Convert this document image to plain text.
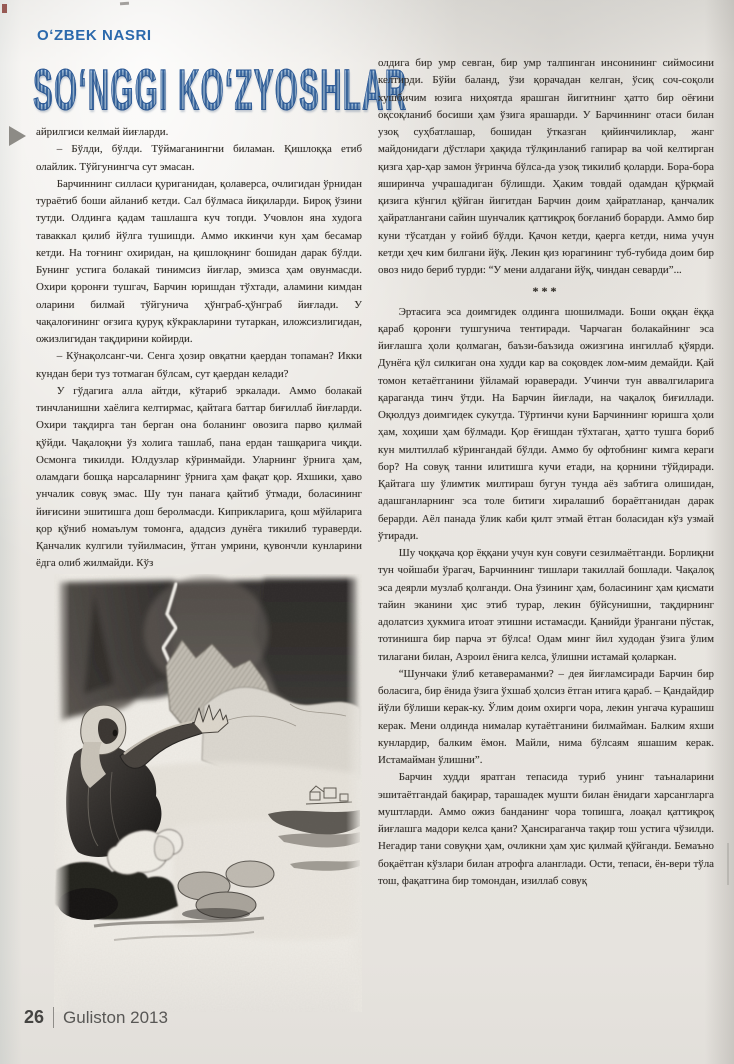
OʻZBEK NASRI
SOʻNGGI KOʻZYOSHLAR

айрилгиси келмай йиғларди.

– Бўлди, бўлди. Тўймаганингни биламан. Қишлоққа етиб олайлик. Тўйгунингча сут эмасан.

Барчиннинг силласи қуриганидан, қолаверса, очлигидан ўрнидан тураётиб боши айланиб кетди. Сал бўлмаса йиқиларди. Бироқ ўзини тутди. Олдинга қадам ташлашга куч топди. Учовлон яна худога таваккал қилиб йўлга тушишди. Аммо иккинчи кун ҳам бесамар кетди. На тоғнинг охиридан, на қишлоқнинг бошидан дарак бўлди. Бунинг устига болакай тинимсиз йиғлар, эмизса ҳам овунмасди. Охири қоронғи тушгач, Барчин юришдан тўхтади, аламини кимдан оларини билмай тўйгунича ҳўнграб-ҳўнграб йиғлади. У чақалоғининг оғзига қуруқ кўкракларини тутаркан, иложсизлигидан, ожизлигидан тақдирини койирди.

– Кўнақолсанг-чи. Сенга ҳозир овқатни қаердан топаман? Икки кундан бери туз тотмаган бўлсам, сут қаердан келади?

У гўдагига алла айтди, кўтариб эркалади. Аммо болакай тинчланишни хаёлига келтирмас, қайтага баттар биғиллаб йиғларди. Охири тақдирга тан берган она боланинг овозига парво қилмай қўйди. Чақалоқни ўз холига ташлаб, пана ердан ташқарига чиқди. Осмонга тикилди. Юлдузлар кўринмайди. Уларнинг ўрнига ҳам, оламдаги бошқа нарсаларнинг ўрнига ҳам фақат қор. Яхшики, ҳаво унчалик совуқ эмас. Шу тун панага қайтиб ўтмади, боласининг йиғисини эшитишга дош беролмасди. Киприкларига, қош мўйларига қор қўниб номаълум томонга, ададсиз дунёга тикилиб тураверди. Қанчалик кулгили туйилмасин, ўтган умрини, қувончли кунларини ёдга олиб жилмайди. Кўз

олдига бир умр севган, бир умр талпинган инсонининг сиймосини келтирди. Бўйи баланд, ўзи қорачадан келган, ўсиқ соч-соқоли хушбичим юзига ниҳоятда ярашган йигитнинг ҳатто бир оёғини оқсоқланиб босиши ҳам ўзига ярашарди. У Барчиннинг отаси билан узоқ суҳбатлашар, бошидан ўтказган қийинчиликлар, жанг майдонидаги дўстлари ҳақида тўлқинланиб гапирар ва чой келтирган қизга ҳар-ҳар замон ўғринча бўлса-да узоқ тикилиб қоларди. Бора-бора яширинча учрашадиган бўлишди. Ҳаким товдай одамдан қўрқмай қизига кўнгил қўйган йигитдан Барчин доим ҳайратланар, қанчалик ҳайратлангани сайин шунчалик қаттиқроқ боғланиб борарди. Аммо бир куни тўсатдан у ғойиб бўлди. Қачон кетди, қаерга кетди, нима учун кетди ҳеч ким билгани йўқ. Лекин қиз юрагининг туб-тубида доим бир овоз нидо бериб турди: “У мени алдагани йўқ, чиндан севарди”...

***

Эртасига эса доимгидек олдинга шошилмади. Боши оққан ёққа қараб қоронғи тушгунича тентиради. Чарчаган болакайнинг эса йиғлашга ҳоли қолмаган, баъзи-баъзида ожизгина ингиллаб қўярди. Дунёга қўл силкиган она худди кар ва соқовдек лом-мим демайди. Қай томон кетаётганини ўйламай юраверади. Учинчи тун аввалгиларига қараганда тинч ўтди. На Барчин йиғлади, на чақалоқ биғиллади. Оқюлдуз доимгидек сукутда. Тўртинчи куни Барчиннинг юришга ҳоли ҳам, хоҳиши ҳам бўлмади. Қор ёғишдан тўхтаган, ҳатто тушга бориб кун милтиллаб кўрингандай бўлди. Аммо бу офтобнинг кимга кераги бор? На совуқ танни илитишга кучи етади, на қорнини тўйдиради. Қайтага шу ўлимтик милтираш бугун тунда аёз забтига олишидан, адашганларнинг эса толе битиги хиралашиб бораётганидан дарак берарди. Аёл панада ўлик каби қилт этмай ётган боласидан кўз узмай ўтиради.

Шу чоққача қор ёққани учун кун совуғи сезилмаётганди. Борлиқни тун чойшаби ўрагач, Барчиннинг тишлари такиллай бошлади. Чақалоқ эса деярли музлаб қолганди. Она ўзининг ҳам, боласининг ҳам қисмати тайин эканини ҳис этиб турар, лекин бўйсунишни, тақдирнинг адолатсиз ҳукмига итоат этишни истамасди. Қанийди ўрангани пўстак, тотинишга бир парча эт бўлса! Одам минг йил худодан ўзига ўлим тилагани билан, Азроил ёнига келса, ўлишни истамай қоларкан.

“Шунчаки ўлиб кетавераманми? – дея йиғламсиради Барчин бир боласига, бир ёнида ўзига ўхшаб ҳолсиз ётган итига қараб. – Қандайдир йўли бўлиши керак-ку. Ўлим доим охирги чора, лекин унгача курашиш керак. Мени олдинда нималар кутаётганини билмайман. Балким яхши кунлардир, балким ёмон. Майли, нима бўлсаям яшашим керак. Истамайман ўлишни”.

Барчин худди яратган тепасида туриб унинг таъналарини эшитаётгандай бақирар, тарашадек мушти билан ёнидаги харсангларга муштларди. Аммо ожиз банданинг чора топишга, лоақал қаттиқроқ йиғлашга мадори келса қани? Ҳансираганча тақир тош устига чўзилди. Негадир тани совуқни ҳам, очликни ҳам ҳис қилмай қўйганди. Бемаъно боқаётган кўзлари билан атрофга аланглади. Ости, тепаси, ён-вери тўла тош, фақатгина бир томондан, изиллаб совуқ

26 Guliston 2013
